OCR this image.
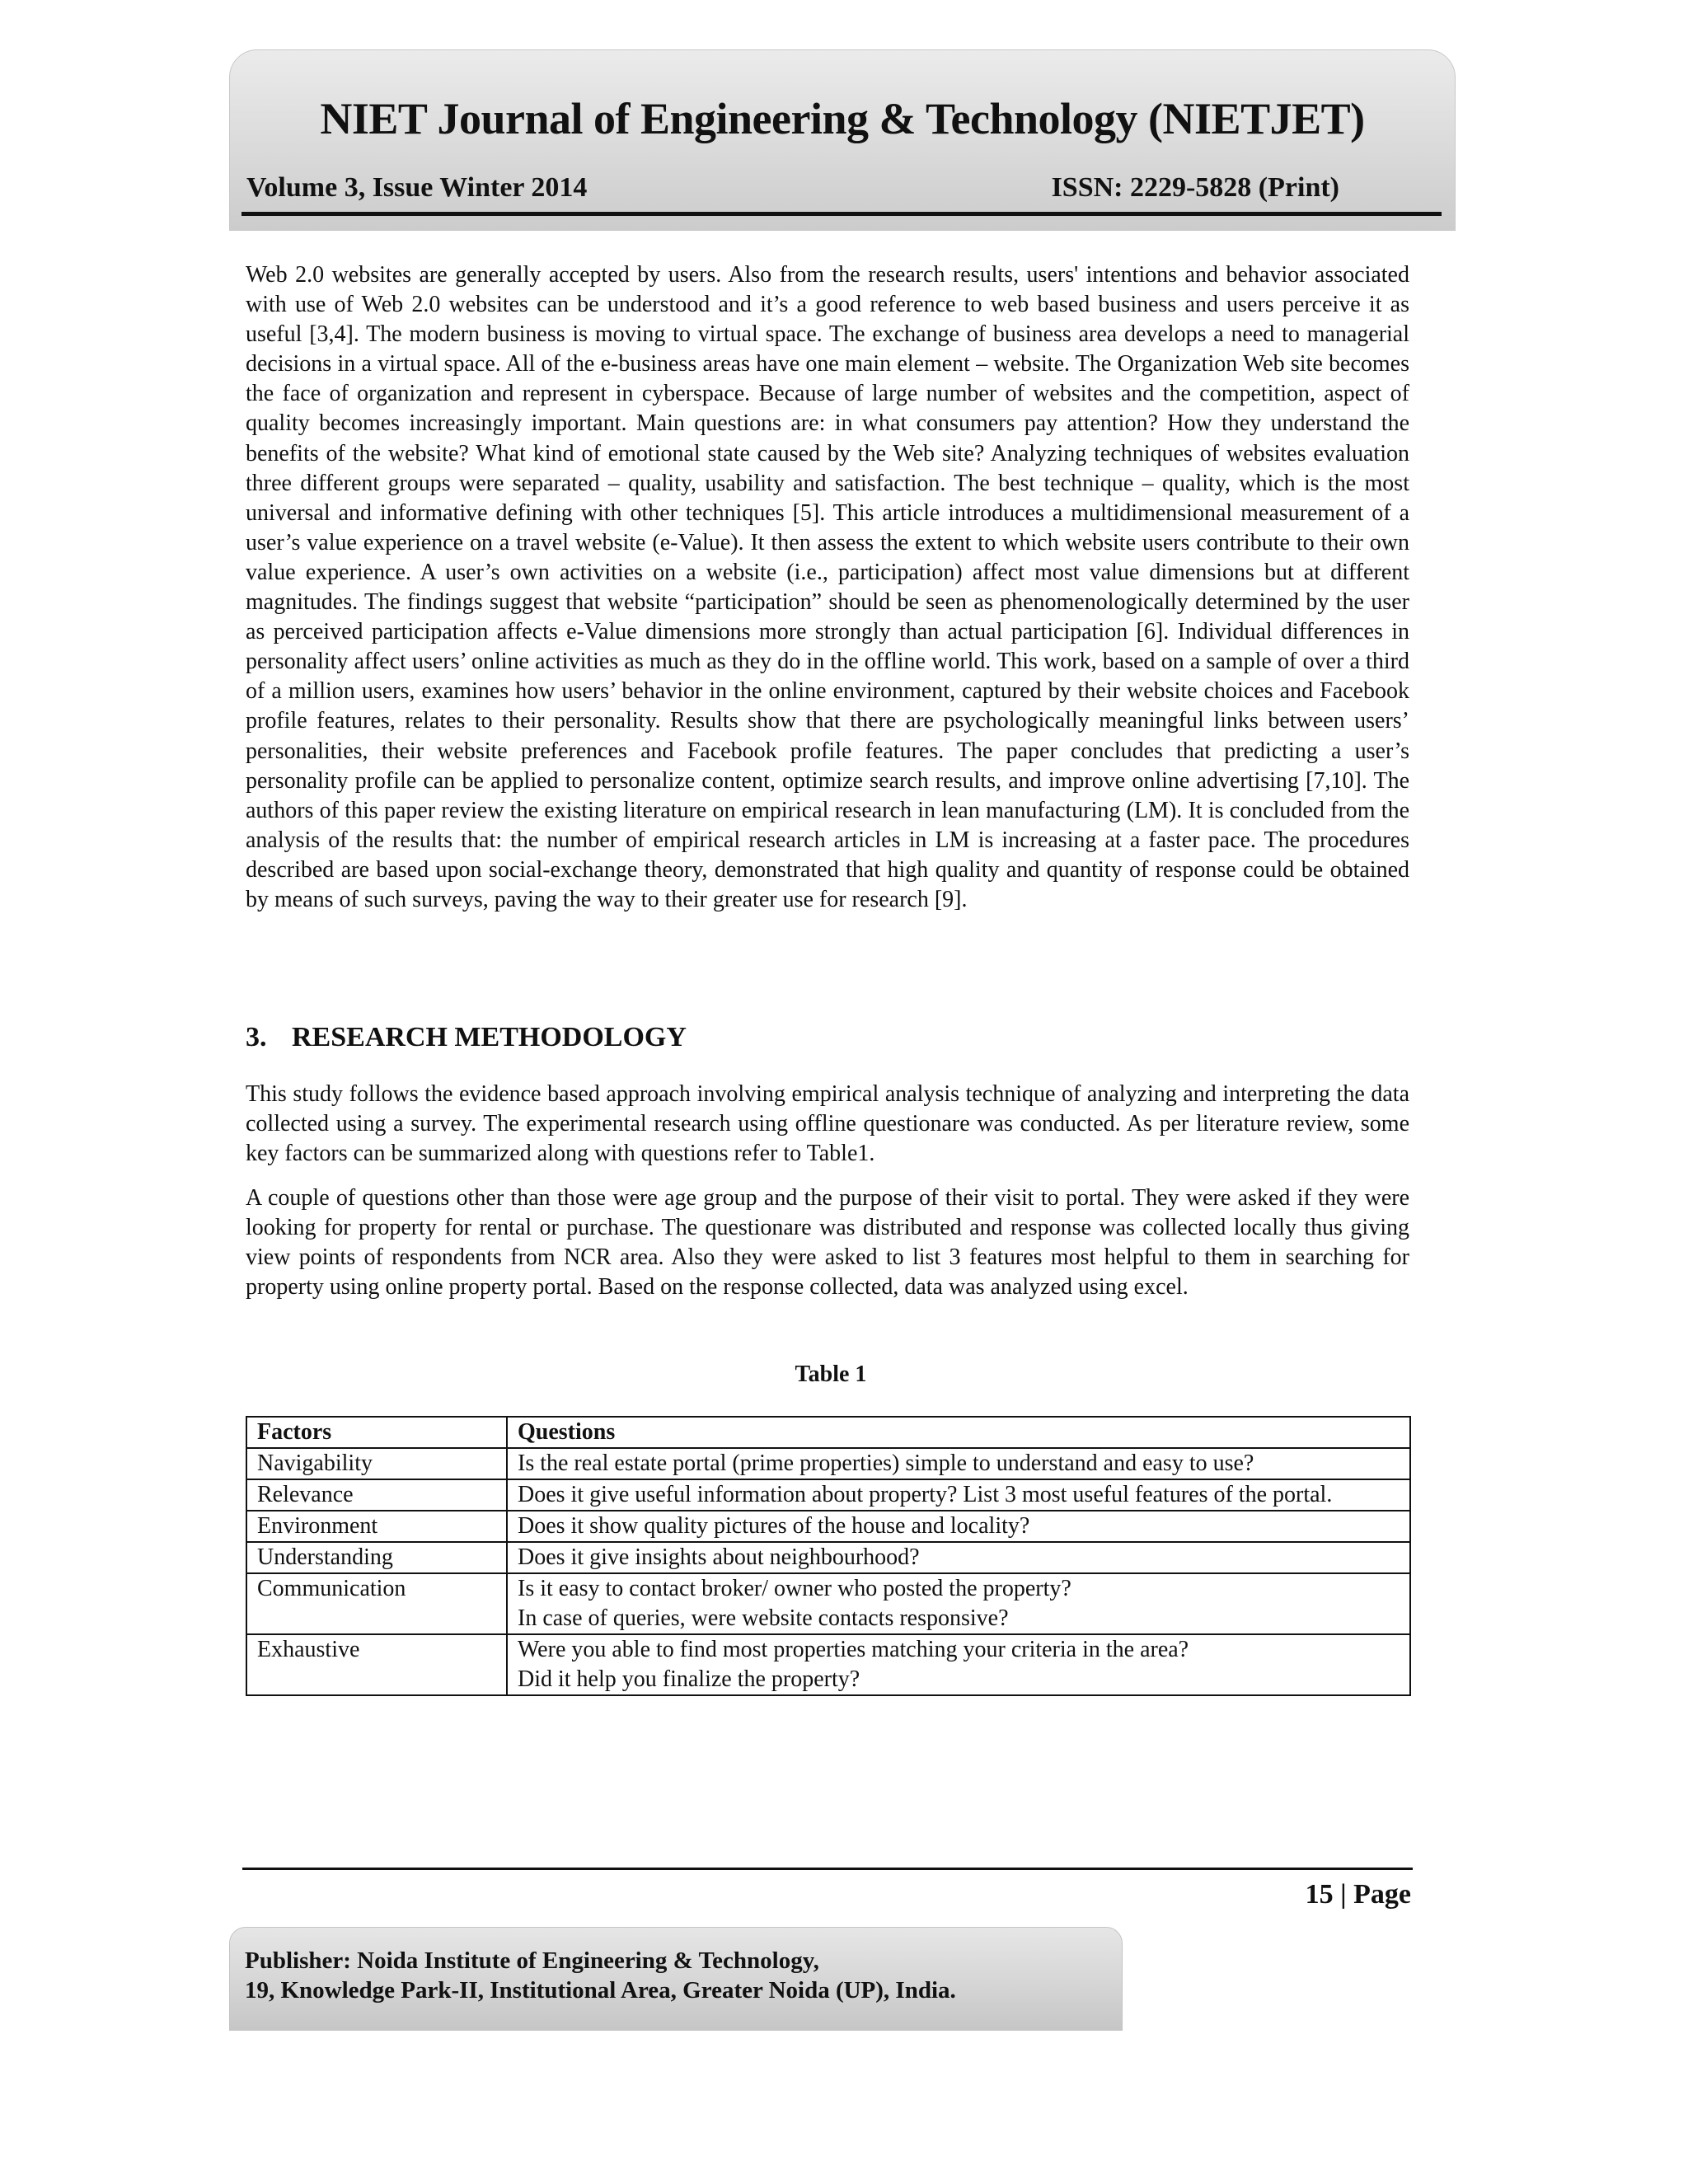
NIET Journal of Engineering & Technology (NIETJET)
Volume 3, Issue Winter 2014	ISSN: 2229-5828 (Print)

Web 2.0 websites are generally accepted by users. Also from the research results, users' intentions and behavior associated with use of Web 2.0 websites can be understood and it’s a good reference to web based business and users perceive it as useful [3,4]. The modern business is moving to virtual space. The exchange of business area develops a need to managerial decisions in a virtual space. All of the e-business areas have one main element – website. The Organization Web site becomes the face of organization and represent in cyberspace. Because of large number of websites and the competition, aspect of quality becomes increasingly important. Main questions are: in what consumers pay attention? How they understand the benefits of the website? What kind of emotional state caused by the Web site? Analyzing techniques of websites evaluation three different groups were separated – quality, usability and satisfaction. The best technique – quality, which is the most universal and informative defining with other techniques [5]. This article introduces a multidimensional measurement of a user’s value experience on a travel website (e-Value). It then assess the extent to which website users contribute to their own value experience. A user’s own activities on a website (i.e., participation) affect most value dimensions but at different magnitudes. The findings suggest that website “participation” should be seen as phenomenologically determined by the user as perceived participation affects e-Value dimensions more strongly than actual participation [6]. Individual differences in personality affect users’ online activities as much as they do in the offline world. This work, based on a sample of over a third of a million users, examines how users’ behavior in the online environment, captured by their website choices and Facebook profile features, relates to their personality. Results show that there are psychologically meaningful links between users’ personalities, their website preferences and Facebook profile features. The paper concludes that predicting a user’s personality profile can be applied to personalize content, optimize search results, and improve online advertising [7,10]. The authors of this paper review the existing literature on empirical research in lean manufacturing (LM). It is concluded from the analysis of the results that: the number of empirical research articles in LM is increasing at a faster pace. The procedures described are based upon social-exchange theory, demonstrated that high quality and quantity of response could be obtained by means of such surveys, paving the way to their greater use for research [9].

3. RESEARCH METHODOLOGY

This study follows the evidence based approach involving empirical analysis technique of analyzing and interpreting the data collected using a survey. The experimental research using offline questionare was conducted. As per literature review, some key factors can be summarized along with questions refer to Table1.

A couple of questions other than those were age group and the purpose of their visit to portal. They were asked if they were looking for property for rental or purchase. The questionare was distributed and response was collected locally thus giving view points of respondents from NCR area. Also they were asked to list 3 features most helpful to them in searching for property using online property portal. Based on the response collected, data was analyzed using excel.

Table 1
Factors	Questions
Navigability	Is the real estate portal (prime properties) simple to understand and easy to use?
Relevance	Does it give useful information about property? List 3 most useful features of the portal.
Environment	Does it show quality pictures of the house and locality?
Understanding	Does it give insights about neighbourhood?
Communication	Is it easy to contact broker/ owner who posted the property?
In case of queries, were website contacts responsive?

Exhaustive	Were you able to find most properties matching your criteria in the area?
Did it help you finalize the property?
15 | Page
Publisher: Noida Institute of Engineering & Technology,
19, Knowledge Park-II, Institutional Area, Greater Noida (UP), India.
